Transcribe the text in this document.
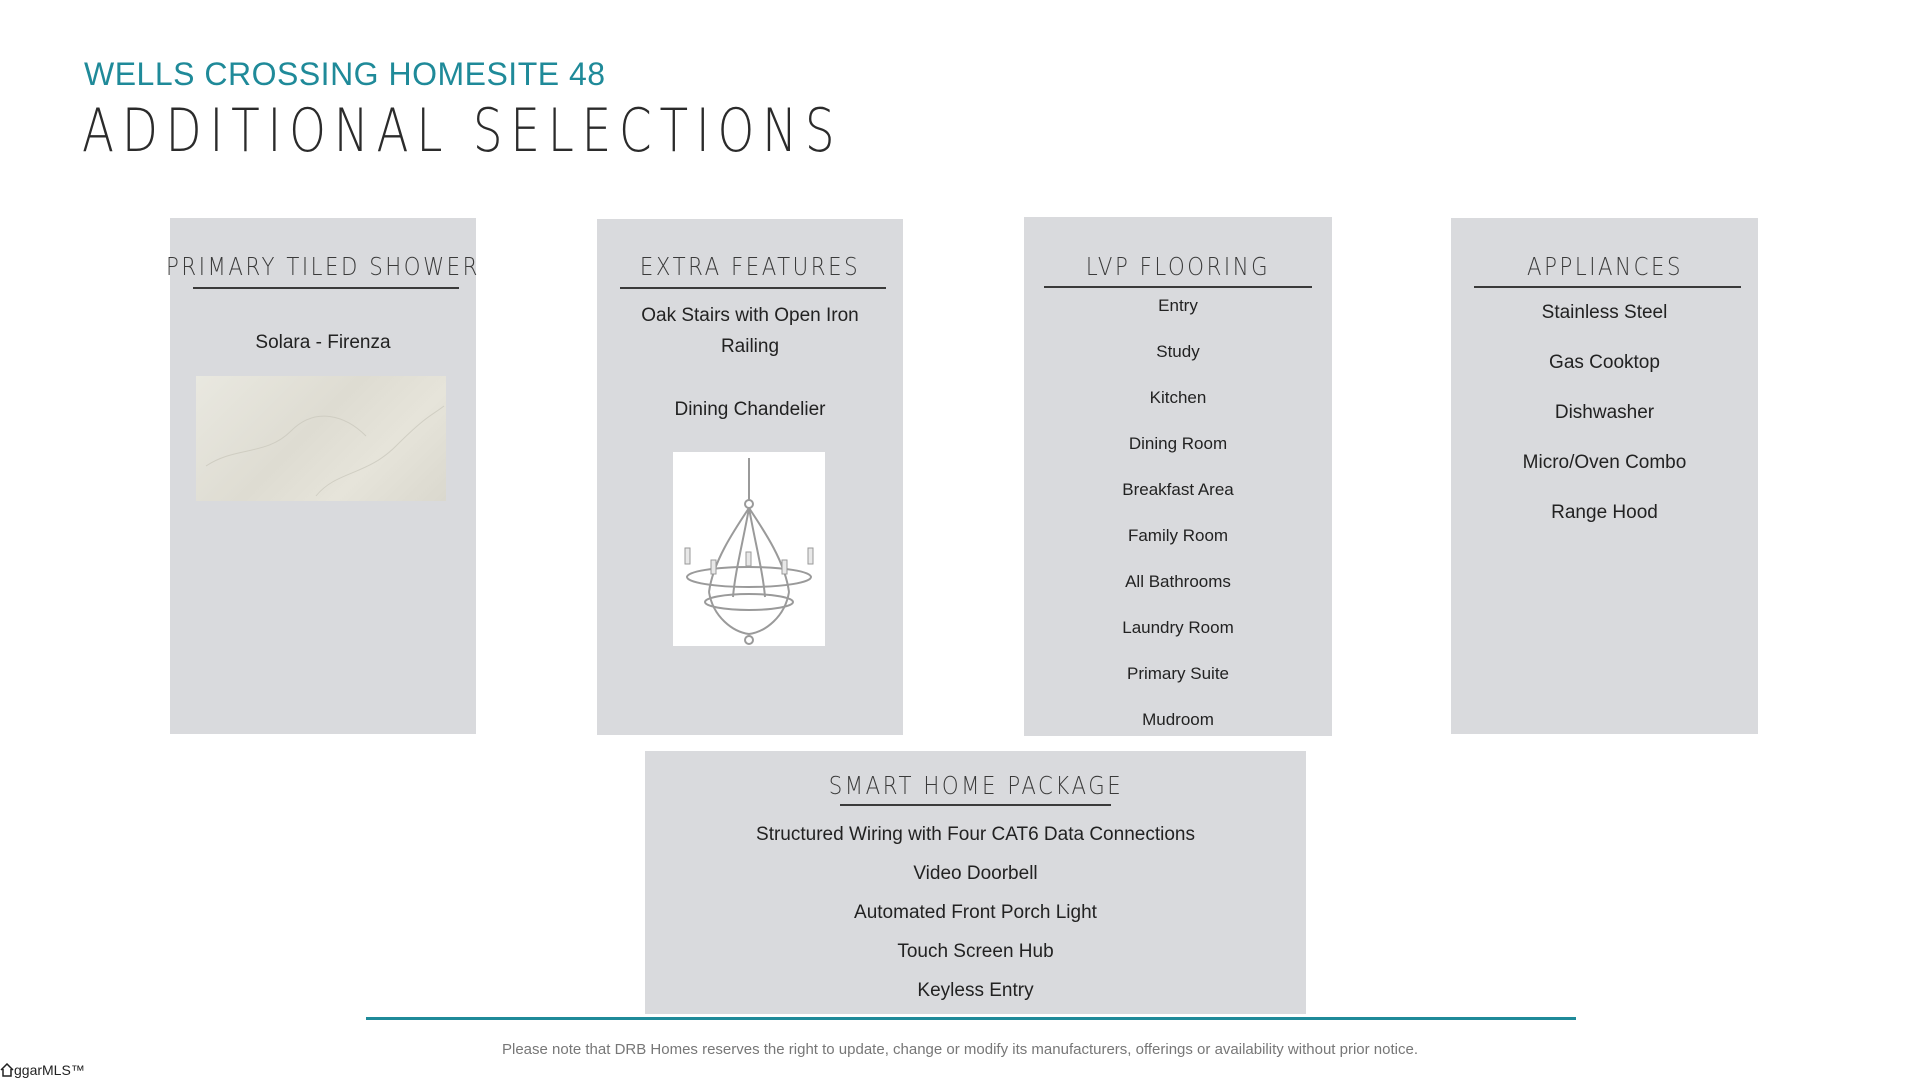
WELLS CROSSING HOMESITE 48
ADDITIONAL SELECTIONS
PRIMARY TILED SHOWER
Solara - Firenza
EXTRA FEATURES
Oak Stairs with Open Iron
Railing
Dining Chandelier
LVP FLOORING
Entry
Study
Kitchen
Dining Room
Breakfast Area
Family Room
All Bathrooms
Laundry Room
Primary Suite
Mudroom
APPLIANCES
Stainless Steel
Gas Cooktop
Dishwasher
Micro/Oven Combo
Range Hood
SMART HOME PACKAGE
Structured Wiring with Four CAT6 Data Connections
Video Doorbell
Automated Front Porch Light
Touch Screen Hub
Keyless Entry
Please note that DRB Homes reserves the right to update, change or modify its manufacturers, offerings or availability without prior notice.
ggarMLS™
